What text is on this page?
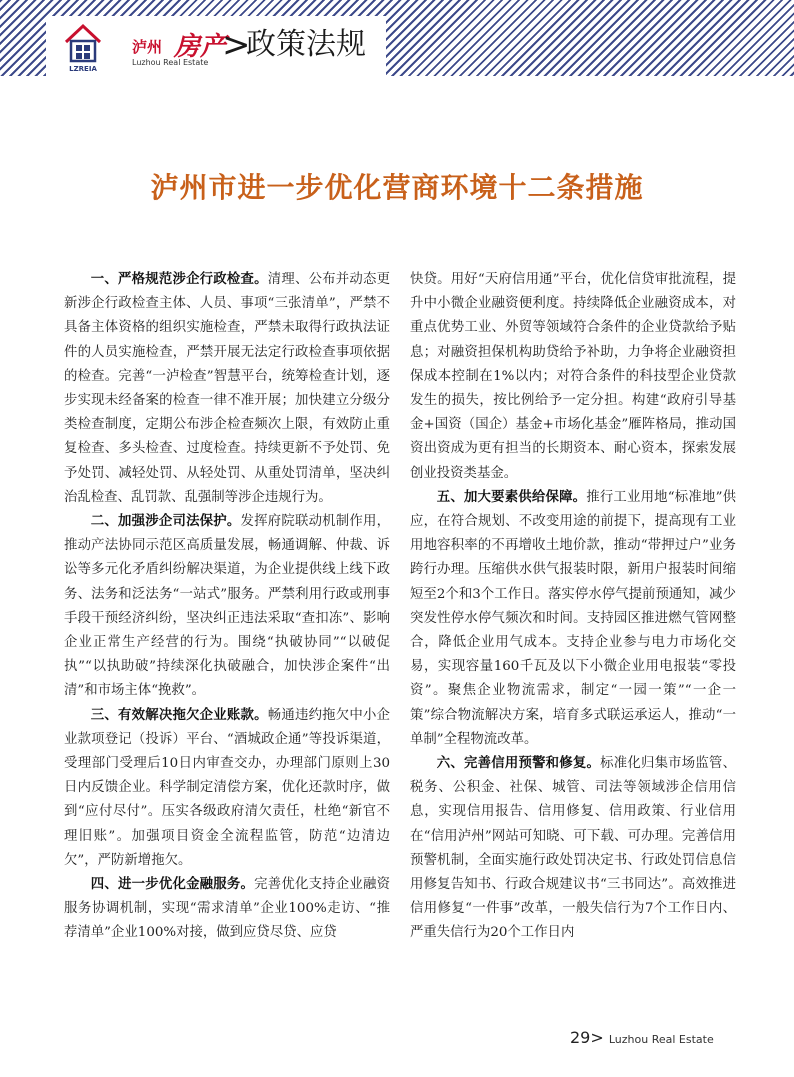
LZREIA
泸州 房产
Luzhou Real Estate >
政策法规
泸州市进一步优化营商环境十二条措施

一、严格规范涉企行政检查。清理、公布并动态更新涉企行政检查主体、人员、事项“三张清单”，严禁不具备主体资格的组织实施检查，严禁未取得行政执法证件的人员实施检查，严禁开展无法定行政检查事项依据的检查。完善“一泸检查”智慧平台，统筹检查计划，逐步实现未经备案的检查一律不准开展；加快建立分级分类检查制度，定期公布涉企检查频次上限，有效防止重复检查、多头检查、过度检查。持续更新不予处罚、免予处罚、减轻处罚、从轻处罚、从重处罚清单，坚决纠治乱检查、乱罚款、乱强制等涉企违规行为。

二、加强涉企司法保护。发挥府院联动机制作用，推动产法协同示范区高质量发展，畅通调解、仲裁、诉讼等多元化矛盾纠纷解决渠道，为企业提供线上线下政务、法务和泛法务“一站式”服务。严禁利用行政或刑事手段干预经济纠纷，坚决纠正违法采取“查扣冻”、影响企业正常生产经营的行为。围绕“执破协同”“以破促执”“以执助破”持续深化执破融合，加快涉企案件“出清”和市场主体“挽救”。

三、有效解决拖欠企业账款。畅通违约拖欠中小企业款项登记（投诉）平台、“酒城政企通”等投诉渠道，受理部门受理后10日内审查交办，办理部门原则上30日内反馈企业。科学制定清偿方案，优化还款时序，做到“应付尽付”。压实各级政府清欠责任，杜绝“新官不理旧账”。加强项目资金全流程监管，防范“边清边欠”，严防新增拖欠。

四、进一步优化金融服务。完善优化支持企业融资服务协调机制，实现“需求清单”企业100%走访、“推荐清单”企业100%对接，做到应贷尽贷、应贷

快贷。用好“天府信用通”平台，优化信贷审批流程，提升中小微企业融资便利度。持续降低企业融资成本，对重点优势工业、外贸等领域符合条件的企业贷款给予贴息；对融资担保机构助贷给予补助，力争将企业融资担保成本控制在1%以内；对符合条件的科技型企业贷款发生的损失，按比例给予一定分担。构建“政府引导基金+国资（国企）基金+市场化基金”雁阵格局，推动国资出资成为更有担当的长期资本、耐心资本，探索发展创业投资类基金。

五、加大要素供给保障。推行工业用地“标准地”供应，在符合规划、不改变用途的前提下，提高现有工业用地容积率的不再增收土地价款，推动“带押过户”业务跨行办理。压缩供水供气报装时限，新用户报装时间缩短至2个和3个工作日。落实停水停气提前预通知，减少突发性停水停气频次和时间。支持园区推进燃气管网整合，降低企业用气成本。支持企业参与电力市场化交易，实现容量160千瓦及以下小微企业用电报装“零投资”。聚焦企业物流需求，制定“一园一策”“一企一策”综合物流解决方案，培育多式联运承运人，推动“一单制”全程物流改革。

六、完善信用预警和修复。标准化归集市场监管、税务、公积金、社保、城管、司法等领域涉企信用信息，实现信用报告、信用修复、信用政策、行业信用在“信用泸州”网站可知晓、可下载、可办理。完善信用预警机制，全面实施行政处罚决定书、行政处罚信息信用修复告知书、行政合规建议书“三书同达”。高效推进信用修复“一件事”改革，一般失信行为7个工作日内、严重失信行为20个工作日内

29> Luzhou Real Estate
